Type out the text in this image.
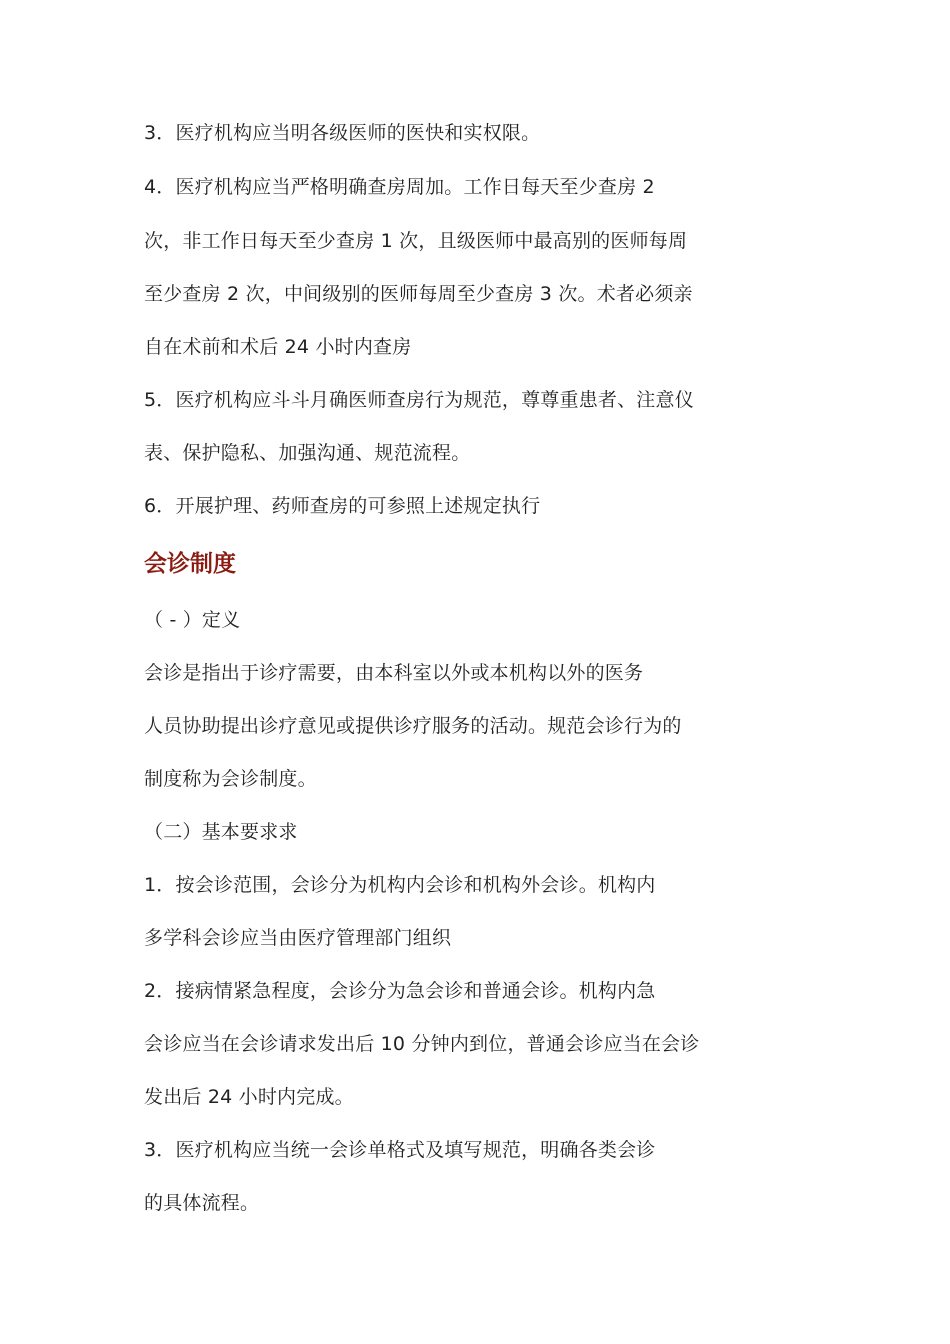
3．医疗机构应当明各级医师的医快和实权限。
4．医疗机构应当严格明确查房周加。工作日每天至少查房 2
次，非工作日每天至少查房 1 次，且级医师中最高别的医师每周
至少查房 2 次，中间级别的医师每周至少查房 3 次。术者必须亲
自在术前和术后 24 小时内查房
5．医疗机构应斗斗月确医师查房行为规范，尊尊重患者、注意仪
表、保护隐私、加强沟通、规范流程。
6．开展护理、药师查房的可参照上述规定执行
会诊制度
（ - ）定义
会诊是指出于诊疗需要，由本科室以外或本机构以外的医务
人员协助提出诊疗意见或提供诊疗服务的活动。规范会诊行为的
制度称为会诊制度。
（二）基本要求求
1．按会诊范围，会诊分为机构内会诊和机构外会诊。机构内
多学科会诊应当由医疗管理部门组织
2．接病情紧急程度，会诊分为急会诊和普通会诊。机构内急
会诊应当在会诊请求发出后 10 分钟内到位，普通会诊应当在会诊
发出后 24 小时内完成。
3．医疗机构应当统一会诊单格式及填写规范，明确各类会诊
的具体流程。
